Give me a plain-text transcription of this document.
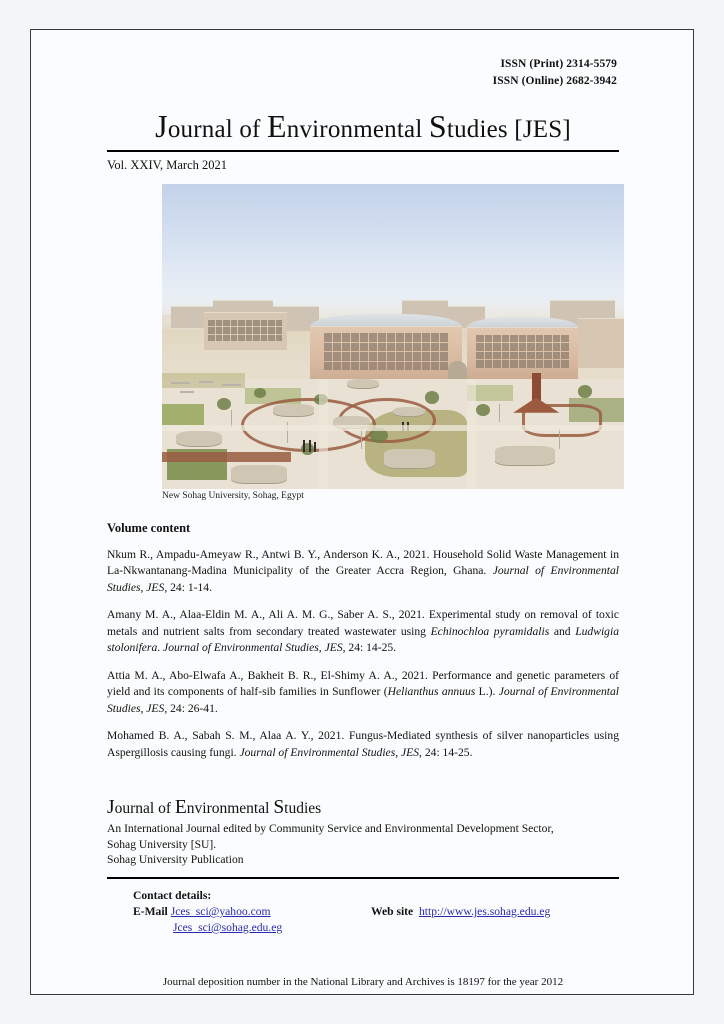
ISSN (Print) 2314-5579
ISSN (Online) 2682-3942
Journal of Environmental Studies [JES]
Vol. XXIV, March 2021
New Sohag University, Sohag, Egypt
Volume content
Nkum R., Ampadu-Ameyaw R., Antwi B. Y., Anderson K. A., 2021. Household Solid Waste Management in La-Nkwantanang-Madina Municipality of the Greater Accra Region, Ghana. Journal of Environmental Studies, JES, 24: 1-14.
Amany M. A., Alaa-Eldin M. A., Ali A. M. G., Saber A. S., 2021. Experimental study on removal of toxic metals and nutrient salts from secondary treated wastewater using Echinochloa pyramidalis and Ludwigia stolonifera. Journal of Environmental Studies, JES, 24: 14-25.
Attia M. A., Abo-Elwafa A., Bakheit B. R., El-Shimy A. A., 2021. Performance and genetic parameters of yield and its components of half-sib families in Sunflower (Helianthus annuus L.). Journal of Environmental Studies, JES, 24: 26-41.
Mohamed B. A., Sabah S. M., Alaa A. Y., 2021. Fungus-Mediated synthesis of silver nanoparticles using Aspergillosis causing fungi. Journal of Environmental Studies, JES, 24: 14-25.
Journal of Environmental Studies
An International Journal edited by Community Service and Environmental Development Sector,
Sohag University [SU].
Sohag University Publication
Contact details:
E-Mail Jces_sci@yahoo.com	Web site http://www.jes.sohag.edu.eg
Jces_sci@sohag.edu.eg
Journal deposition number in the National Library and Archives is 18197 for the year 2012
